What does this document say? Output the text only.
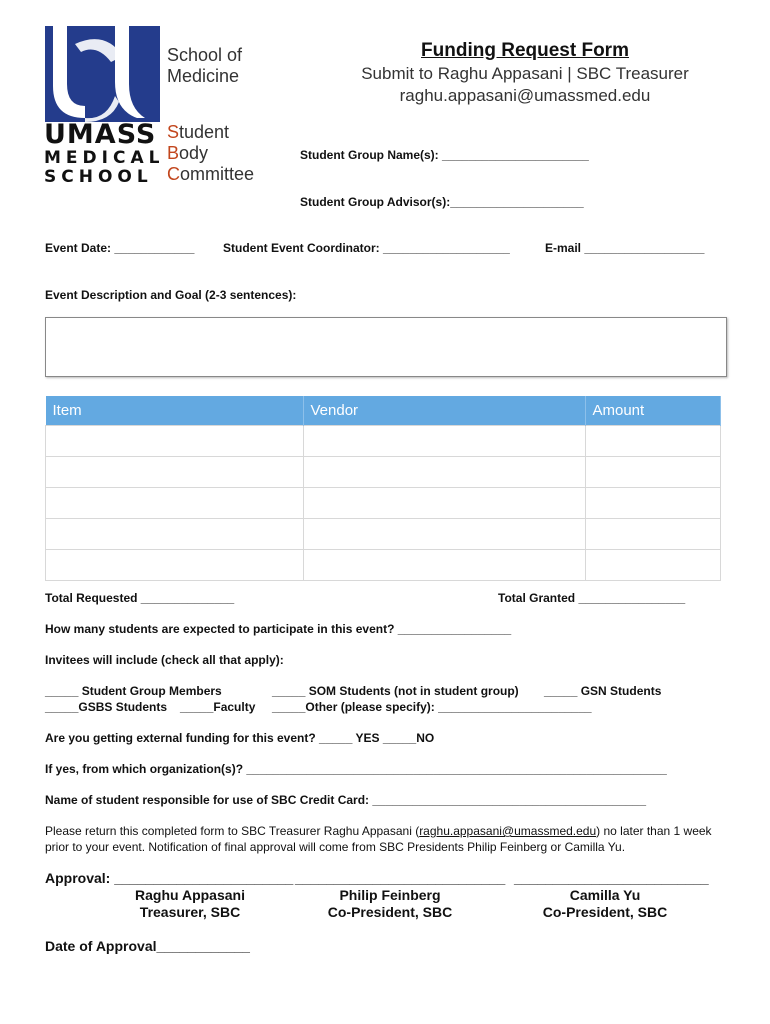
UMASS
MEDICAL
SCHOOL
School of
Medicine
Student
Body
Committee
Funding Request Form
Submit to Raghu Appasani | SBC Treasurer
raghu.appasani@umassmed.edu
Student Group Name(s): ______________________
Student Group Advisor(s):____________________
Event Date: ____________ Student Event Coordinator: ___________________	E-mail __________________
Event Description and Goal (2-3 sentences):
Item	Vendor	Amount

Total Requested ______________	Total Granted ________________
How many students are expected to participate in this event? _________________
Invitees will include (check all that apply):
_____ Student Group Members	_____ SOM Students (not in student group) _____ GSN Students
_____GSBS Students _____Faculty _____Other (please specify): _______________________
Are you getting external funding for this event? _____ YES _____NO
If yes, from which organization(s)? _______________________________________________________________
Name of student responsible for use of SBC Credit Card: _________________________________________
Please return this completed form to SBC Treasurer Raghu Appasani (raghu.appasani@umassmed.edu) no later than 1 week prior to your event. Notification of final approval will come from SBC Presidents Philip Feinberg or Camilla Yu.
Approval: _______________________ ___________________________ _________________________
Raghu Appasani
Treasurer, SBC
Philip Feinberg
Co-President, SBC
Camilla Yu
Co-President, SBC
Date of Approval____________
